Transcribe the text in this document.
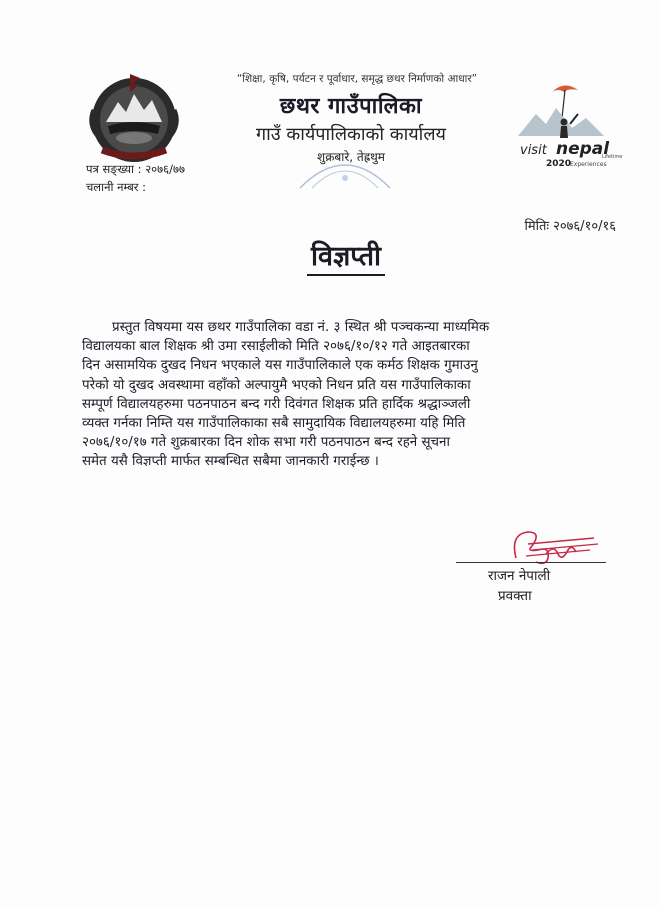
visit nepal
2020
Lifetime
Experiences
“शिक्षा, कृषि, पर्यटन र पूर्वाधार, समृद्ध छथर निर्माणको आधार”
छथर गाउँपालिका
गाउँ कार्यपालिकाको कार्यालय
शुक्रबारे, तेह्रथुम
पत्र सङ्ख्या : २०७६/७७
चलानी नम्बर :
मितिः २०७६/१०/१६
विज्ञप्ती
प्रस्तुत विषयमा यस छथर गाउँपालिका वडा नं. ३ स्थित श्री पञ्चकन्या माध्यमिक
विद्यालयका बाल शिक्षक श्री उमा रसाईलीको मिति २०७६/१०/१२ गते आइतबारका
दिन असामयिक दुखद निधन भएकाले यस गाउँपालिकाले एक कर्मठ शिक्षक गुमाउनु
परेको यो दुखद अवस्थामा वहाँको अल्पायुमै भएको निधन प्रति यस गाउँपालिकाका
सम्पूर्ण विद्यालयहरुमा पठनपाठन बन्द गरी दिवंगत शिक्षक प्रति हार्दिक श्रद्धाञ्जली
व्यक्त गर्नका निम्ति यस गाउँपालिकाका सबै सामुदायिक विद्यालयहरुमा यहि मिति
२०७६/१०/१७ गते शुक्रबारका दिन शोक सभा गरी पठनपाठन बन्द रहने सूचना
समेत यसै विज्ञप्ती मार्फत सम्बन्धित सबैमा जानकारी गराईन्छ ।
राजन नेपाली
प्रवक्ता
